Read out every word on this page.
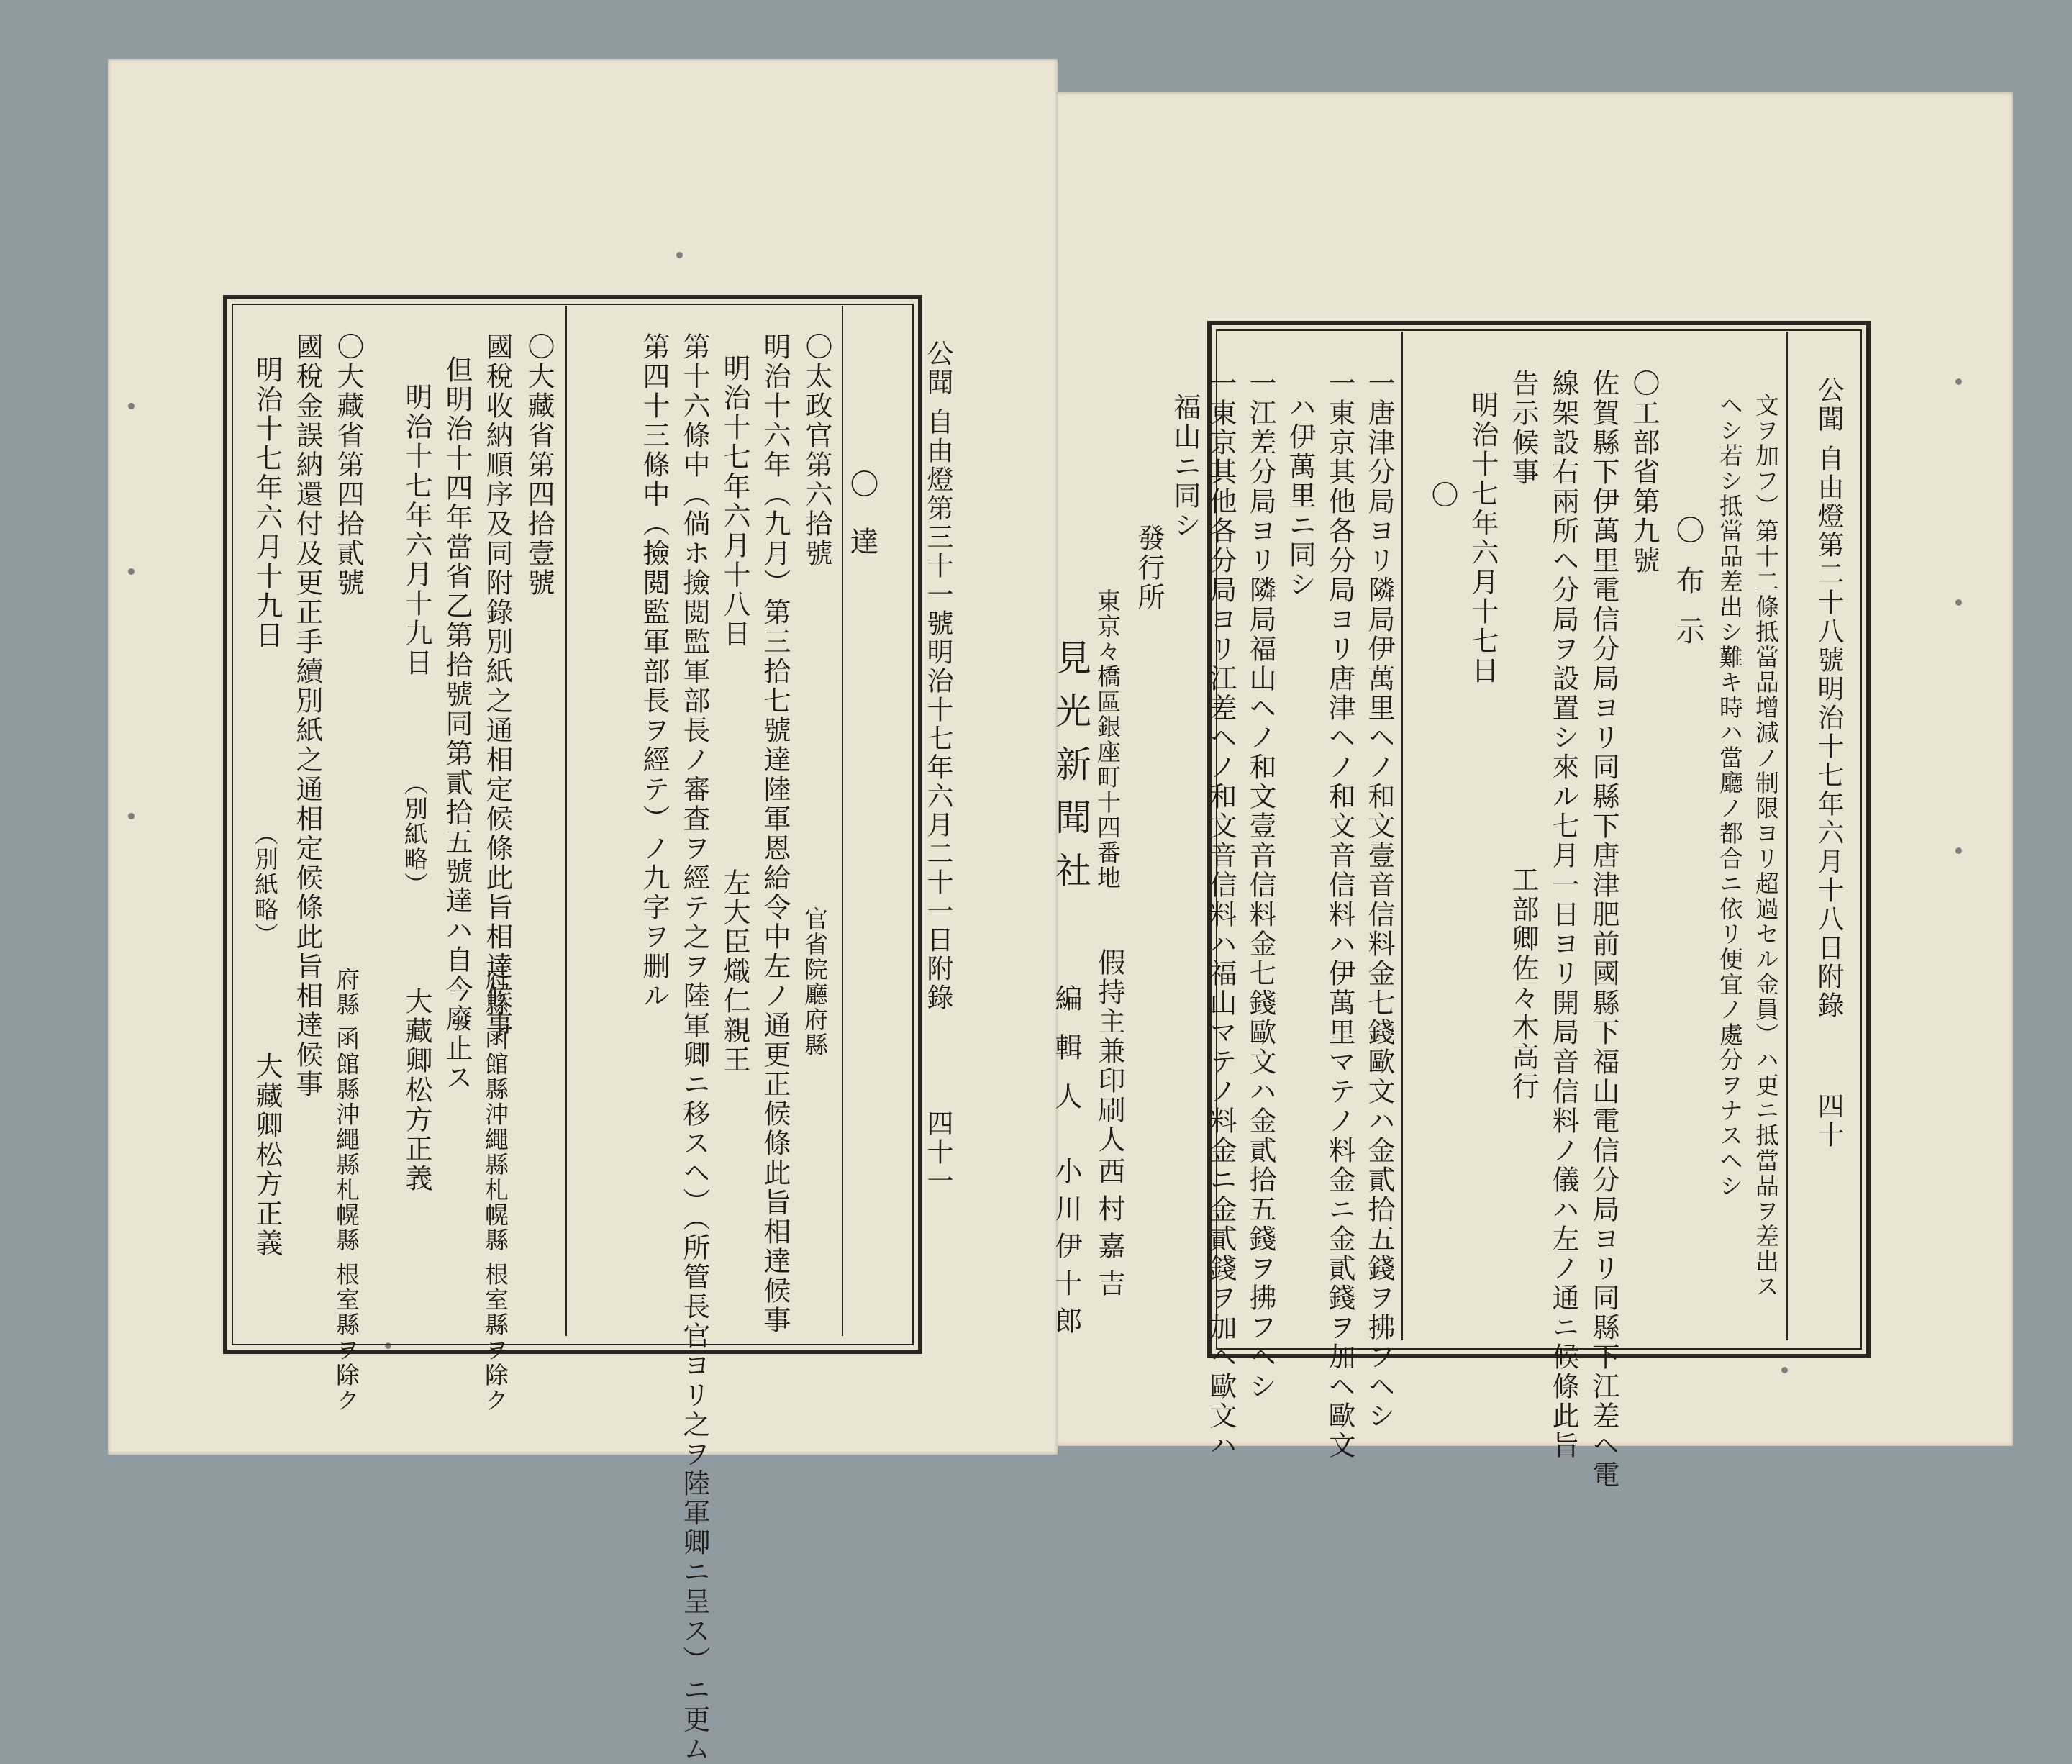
公聞 自由燈第三十一號明治十七年六月二十一日附錄
四十一
〇達
〇太政官第六拾號
官省院廳府縣
明治十六年（九月）第三拾七號達陸軍恩給令中左ノ通更正候條此旨相達候事
明治十七年六月十八日
左大臣熾仁親王
第十六條中（倘ホ撿閲監軍部長ノ審査ヲ經テ之ヲ陸軍卿ニ移スヘ）（所管長官ヨリ之ヲ陸軍卿ニ呈ス）ニ更ム
第四十三條中（撿閲監軍部長ヲ經テ）ノ九字ヲ删ル
〇大藏省第四拾壹號
國稅收納順序及同附錄別紙之通相定候條此旨相達候事
府縣 函館縣沖繩縣札幌縣 根室縣ヲ除ク
但明治十四年當省乙第拾號同第貳拾五號達ハ自今廢止ス
明治十七年六月十九日
（別紙略）
大藏卿松方正義
〇大藏省第四拾貳號
國稅金誤納還付及更正手續別紙之通相定候條此旨相達候事
府縣 函館縣沖繩縣札幌縣 根室縣ヲ除ク
明治十七年六月十九日
（別紙略）
大藏卿松方正義
公聞 自由燈第二十八號明治十七年六月十八日附錄
四十
文ヲ加フ）第十二條抵當品增減ノ制限ヨリ超過セル金員）ハ更ニ抵當品ヲ差出ス
ヘシ若シ抵當品差出シ難キ時ハ當廳ノ都合ニ依リ便宜ノ處分ヲナスヘシ
〇布示
〇工部省第九號
佐賀縣下伊萬里電信分局ヨリ同縣下唐津肥前國縣下福山電信分局ヨリ同縣下江差ヘ電
線架設右兩所ヘ分局ヲ設置シ來ル七月一日ヨリ開局音信料ノ儀ハ左ノ通ニ候條此旨
告示候事
明治十七年六月十七日
工部卿佐々木高行
〇
一唐津分局ヨリ隣局伊萬里ヘノ和文壹音信料金七錢歐文ハ金貳拾五錢ヲ拂フヘシ
一東京其他各分局ヨリ唐津ヘノ和文音信料ハ伊萬里マテノ料金ニ金貳錢ヲ加ヘ歐文
ハ伊萬里ニ同シ
一江差分局ヨリ隣局福山ヘノ和文壹音信料金七錢歐文ハ金貳拾五錢ヲ拂フヘシ
一東京其他各分局ヨリ江差ヘノ和文音信料ハ福山マテノ料金ニ金貳錢ヲ加ヘ歐文ハ
福山ニ同シ
發行所
東京々橋區銀座町十四番地
見光新聞社
假持主兼印刷人
西村嘉吉
編輯人
小川伊十郎
